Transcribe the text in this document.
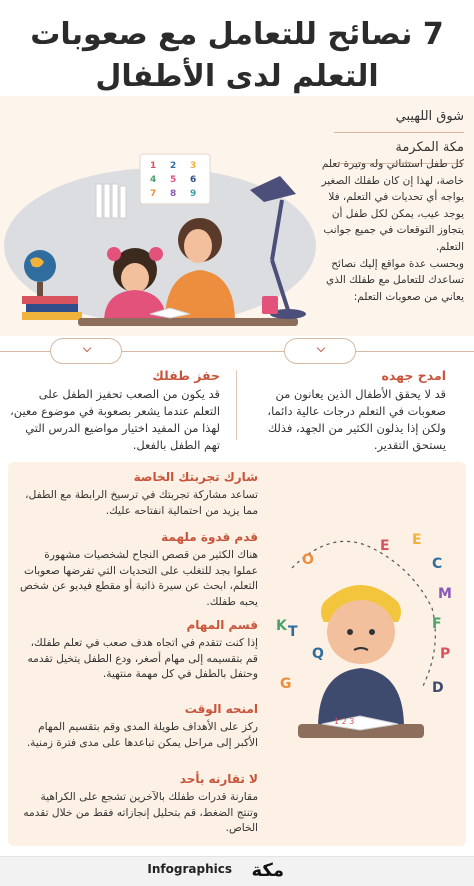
7 نصائح للتعامل مع صعوبات
التعلم لدى الأطفال
1 2 3
4 5 6
7 8 9
شوق اللهيبي
مكة المكرمة

كل طفل استثنائي وله وتيرة تعلم خاصة، لهذا إن كان طفلك الصغير يواجه أي تحديات في التعلم، فلا يوجد عيب، يمكن لكل طفل أن يتجاوز التوقعات في جميع جوانب التعلم.

وبحسب عدة مواقع إليك نصائح تساعدك للتعامل مع طفلك الذي يعاني من صعوبات التعلم:

امدح جهده
قد لا يحقق الأطفال الذين يعانون من صعوبات في التعلم درجات عالية دائما، ولكن إذا يذلون الكثير من الجهد، فذلك يستحق التقدير.
حفز طفلك
قد يكون من الصعب تحفيز الطفل على التعلم عندما يشعر بصعوبة في موضوع معين، لهذا من المفيد اختيار مواضيع الدرس التي تهم الطفل بالفعل.
شارك تجربتك الخاصة
تساعد مشاركة تجربتك في ترسيخ الرابطة مع الطفل، مما يزيد من احتمالية انفتاحه عليك.
قدم قدوة ملهمة
هناك الكثير من قصص النجاح لشخصيات مشهورة عملوا بجد للتغلب على التحديات التي تفرضها صعوبات التعلم، ابحث عن سيرة ذاتية أو مقطع فيديو عن شخص يحبه طفلك.
قسم المهام
إذا كنت تتقدم في اتجاه هدف صعب في تعلم طفلك، قم بتقسيمه إلى مهام أصغر، ودع الطفل يتخيل تقدمه وحتفل بالطفل في كل مهمة منتهية.
امنحه الوقت
ركز على الأهداف طويلة المدى وقم بتقسيم المهام الأكبر إلى مراحل يمكن تباعدها على مدى فترة زمنية.
لا تقارنه بأحد
مقارنة قدرات طفلك بالآخرين تشجع على الكراهية وتنتج الضغط، قم بتحليل إنجازاته فقط من خلال تقدمه الخاص.
O
E
C
K
M
F
T
P
G	D
E
Q
1 2 3
Infographics مكة
